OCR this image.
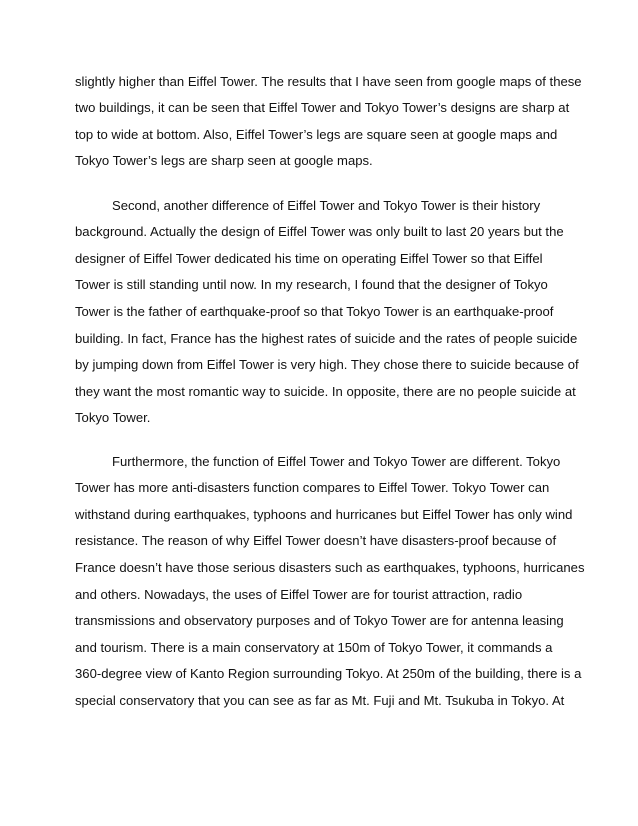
slightly higher than Eiffel Tower. The results that I have seen from google maps of these
two buildings, it can be seen that Eiffel Tower and Tokyo Tower’s designs are sharp at
top to wide at bottom. Also, Eiffel Tower’s legs are square seen at google maps and
Tokyo Tower’s legs are sharp seen at google maps.
Second, another difference of Eiffel Tower and Tokyo Tower is their history
background. Actually the design of Eiffel Tower was only built to last 20 years but the
designer of Eiffel Tower dedicated his time on operating Eiffel Tower so that Eiffel
Tower is still standing until now. In my research, I found that the designer of Tokyo
Tower is the father of earthquake-proof so that Tokyo Tower is an earthquake-proof
building. In fact, France has the highest rates of suicide and the rates of people suicide
by jumping down from Eiffel Tower is very high. They chose there to suicide because of
they want the most romantic way to suicide. In opposite, there are no people suicide at
Tokyo Tower.
Furthermore, the function of Eiffel Tower and Tokyo Tower are different. Tokyo
Tower has more anti-disasters function compares to Eiffel Tower. Tokyo Tower can
withstand during earthquakes, typhoons and hurricanes but Eiffel Tower has only wind
resistance. The reason of why Eiffel Tower doesn’t have disasters-proof because of
France doesn’t have those serious disasters such as earthquakes, typhoons, hurricanes
and others. Nowadays, the uses of Eiffel Tower are for tourist attraction, radio
transmissions and observatory purposes and of Tokyo Tower are for antenna leasing
and tourism. There is a main conservatory at 150m of Tokyo Tower, it commands a
360-degree view of Kanto Region surrounding Tokyo. At 250m of the building, there is a
special conservatory that you can see as far as Mt. Fuji and Mt. Tsukuba in Tokyo. At
